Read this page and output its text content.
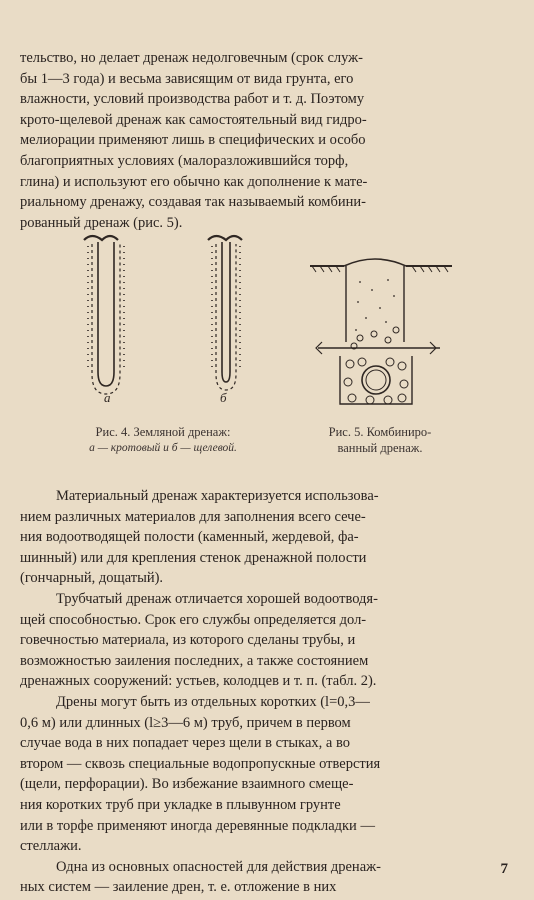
тельство, но делает дренаж недолговечным (срок служ-
бы 1—3 года) и весьма зависящим от вида грунта, его
влажности, условий производства работ и т. д. Поэтому
крото-щелевой дренаж как самостоятельный вид гидро-
мелиорации применяют лишь в специфических и особо
благоприятных условиях (малоразложившийся торф,
глина) и используют его обычно как дополнение к мате-
риальному дренажу, создавая так называемый комбини-
рованный дренаж (рис. 5).

а	б
Рис. 4. Земляной дренаж:
а — кротовый и б — щелевой.
Рис. 5. Комбиниро-
ванный дренаж.
Материальный дренаж характеризуется использова-
нием различных материалов для заполнения всего сече-
ния водоотводящей полости (каменный, жердевой, фа-
шинный) или для крепления стенок дренажной полости
(гончарный, дощатый).
Трубчатый дренаж отличается хорошей водоотводя-
щей способностью. Срок его службы определяется дол-
говечностью материала, из которого сделаны трубы, и
возможностью заиления последних, а также состоянием
дренажных сооружений: устьев, колодцев и т. п. (табл. 2).
Дрены могут быть из отдельных коротких (l=0,3—
0,6 м) или длинных (l≥3—6 м) труб, причем в первом
случае вода в них попадает через щели в стыках, а во
втором — сквозь специальные водопропускные отверстия
(щели, перфорации). Во избежание взаимного смеще-
ния коротких труб при укладке в плывунном грунте
или в торфе применяют иногда деревянные подкладки —
стеллажи.
Одна из основных опасностей для действия дренаж-
ных систем — заиление дрен, т. е. отложение в них
7
